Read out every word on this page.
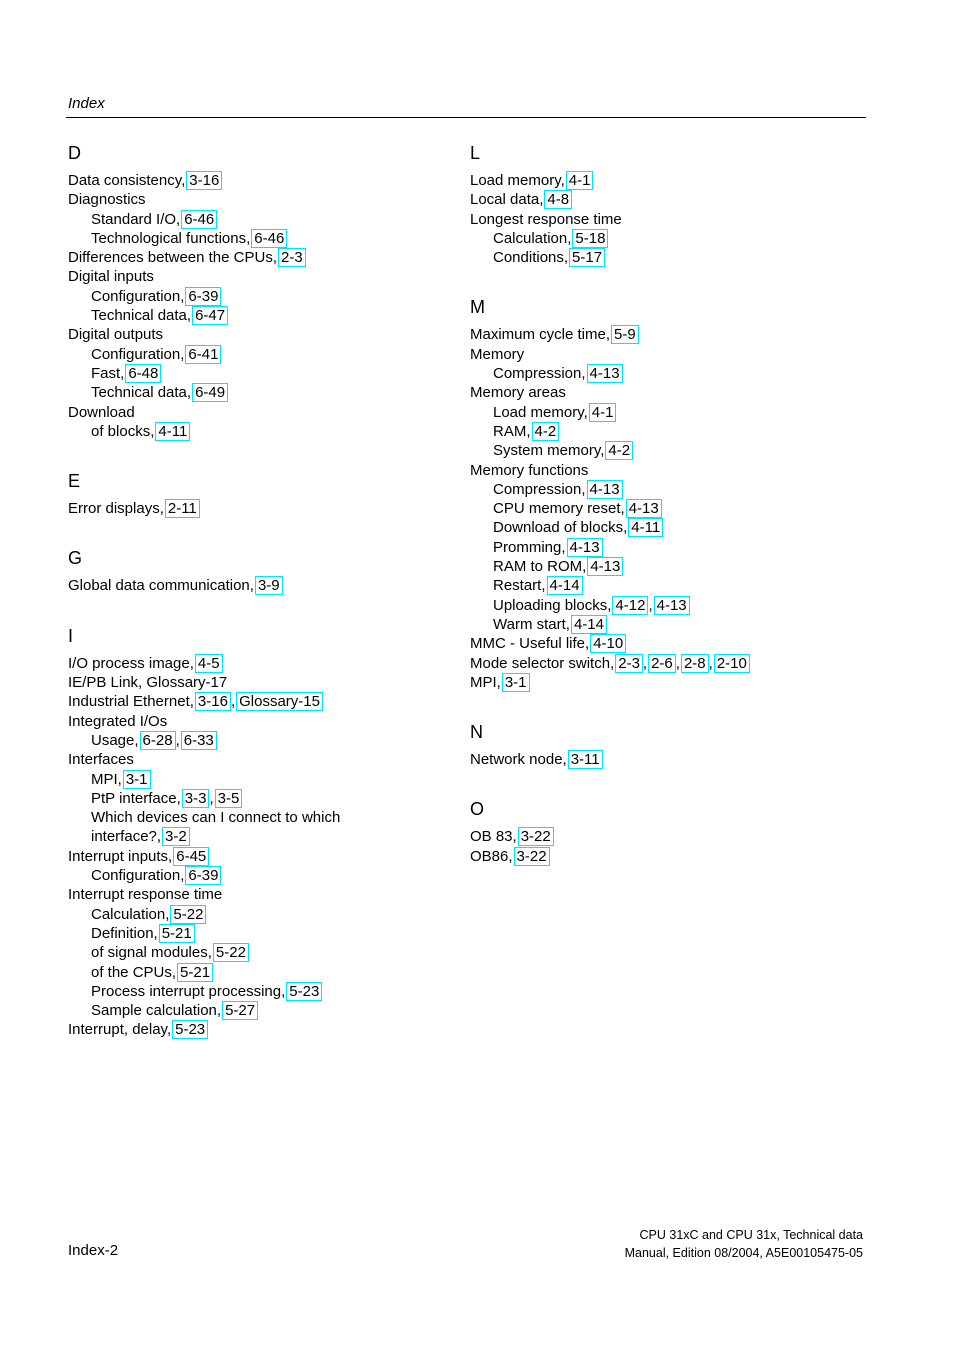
Index
D
Data consistency, 3-16
Diagnostics
Standard I/O, 6-46
Technological functions, 6-46
Differences between the CPUs, 2-3
Digital inputs
Configuration, 6-39
Technical data, 6-47
Digital outputs
Configuration, 6-41
Fast, 6-48
Technical data, 6-49
Download
of blocks, 4-11
E
Error displays, 2-11
G
Global data communication, 3-9
I
I/O process image, 4-5
IE/PB Link, Glossary-17
Industrial Ethernet, 3-16 , Glossary-15
Integrated I/Os
Usage, 6-28 , 6-33
Interfaces
MPI, 3-1
PtP interface, 3-3 , 3-5
Which devices can I connect to which
interface?, 3-2
Interrupt inputs, 6-45
Configuration, 6-39
Interrupt response time
Calculation, 5-22
Definition, 5-21
of signal modules, 5-22
of the CPUs, 5-21
Process interrupt processing, 5-23
Sample calculation, 5-27
Interrupt, delay, 5-23
L
Load memory, 4-1
Local data, 4-8
Longest response time
Calculation, 5-18
Conditions, 5-17
M
Maximum cycle time, 5-9
Memory
Compression, 4-13
Memory areas
Load memory, 4-1
RAM, 4-2
System memory, 4-2
Memory functions
Compression, 4-13
CPU memory reset, 4-13
Download of blocks, 4-11
Promming, 4-13
RAM to ROM, 4-13
Restart, 4-14
Uploading blocks, 4-12 , 4-13
Warm start, 4-14
MMC - Useful life, 4-10
Mode selector switch, 2-3 , 2-6 , 2-8 , 2-10
MPI, 3-1
N
Network node, 3-11
O
OB 83, 3-22
OB86, 3-22
Index-2
CPU 31xC and CPU 31x, Technical data
Manual, Edition 08/2004, A5E00105475-05
